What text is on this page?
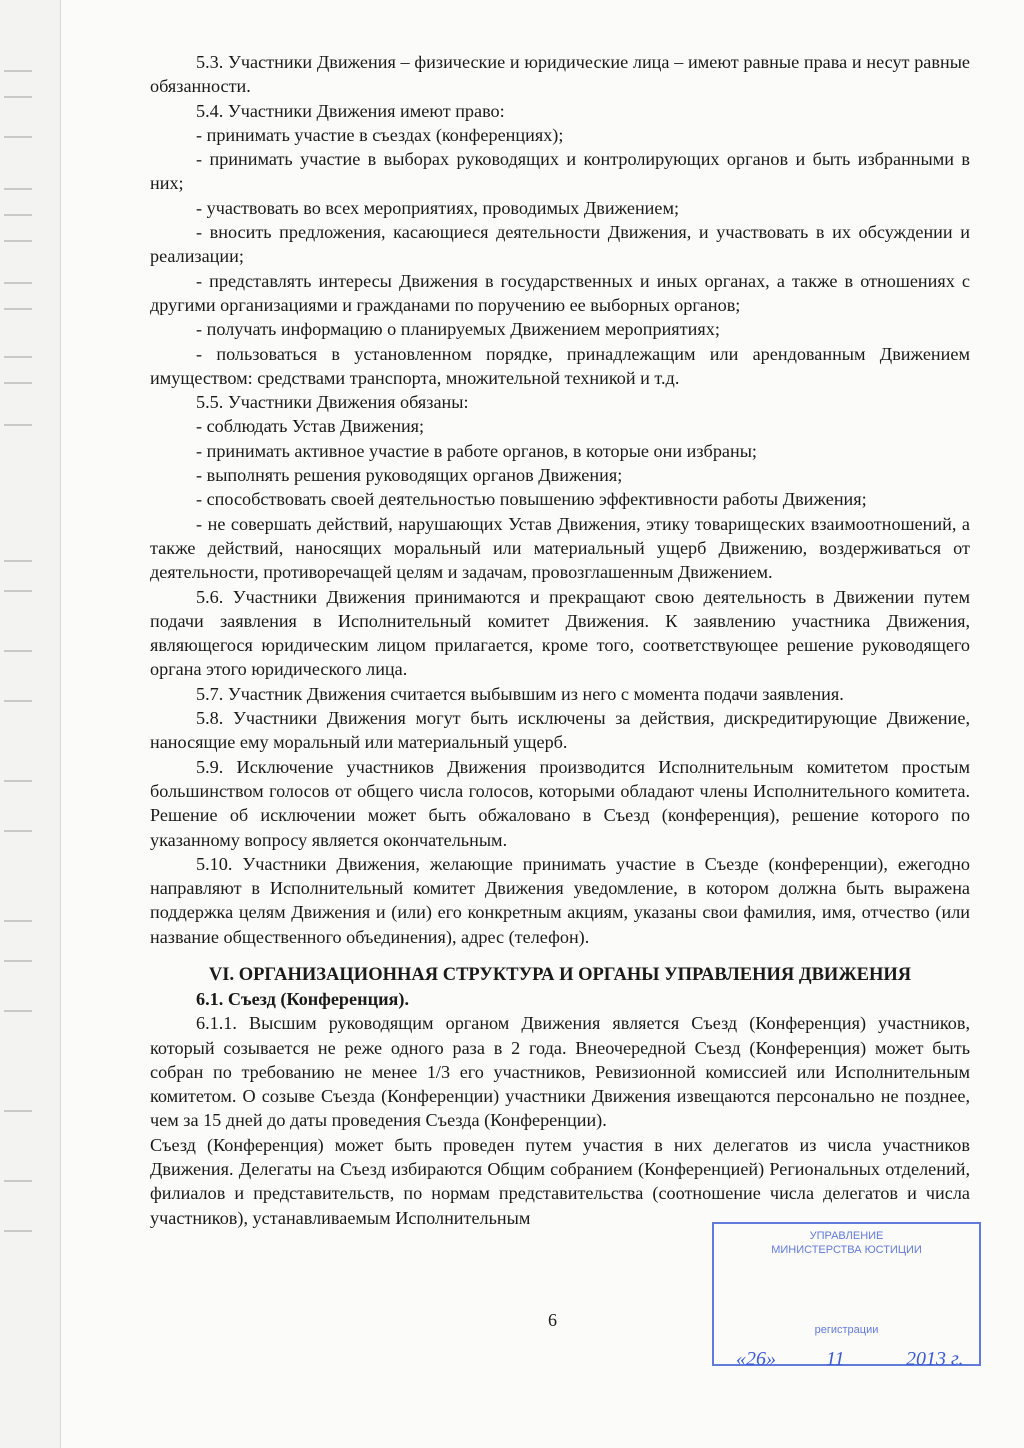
5.3. Участники Движения – физические и юридические лица – имеют равные права и несут равные обязанности.

5.4. Участники Движения имеют право:

- принимать участие в съездах (конференциях);

- принимать участие в выборах руководящих и контролирующих органов и быть избранными в них;

- участвовать во всех мероприятиях, проводимых Движением;

- вносить предложения, касающиеся деятельности Движения, и участвовать в их обсуждении и реализации;

- представлять интересы Движения в государственных и иных органах, а также в отношениях с другими организациями и гражданами по поручению ее выборных органов;

- получать информацию о планируемых Движением мероприятиях;

- пользоваться в установленном порядке, принадлежащим или арендованным Движением имуществом: средствами транспорта, множительной техникой и т.д.

5.5. Участники Движения обязаны:

- соблюдать Устав Движения;

- принимать активное участие в работе органов, в которые они избраны;

- выполнять решения руководящих органов Движения;

- способствовать своей деятельностью повышению эффективности работы Движения;

- не совершать действий, нарушающих Устав Движения, этику товарищеских взаимоотношений, а также действий, наносящих моральный или материальный ущерб Движению, воздерживаться от деятельности, противоречащей целям и задачам, провозглашенным Движением.

5.6. Участники Движения принимаются и прекращают свою деятельность в Движении путем подачи заявления в Исполнительный комитет Движения. К заявлению участника Движения, являющегося юридическим лицом прилагается, кроме того, соответствующее решение руководящего органа этого юридического лица.

5.7. Участник Движения считается выбывшим из него с момента подачи заявления.

5.8. Участники Движения могут быть исключены за действия, дискредитирующие Движение, наносящие ему моральный или материальный ущерб.

5.9. Исключение участников Движения производится Исполнительным комитетом простым большинством голосов от общего числа голосов, которыми обладают члены Исполнительного комитета. Решение об исключении может быть обжаловано в Съезд (конференция), решение которого по указанному вопросу является окончательным.

5.10. Участники Движения, желающие принимать участие в Съезде (конференции), ежегодно направляют в Исполнительный комитет Движения уведомление, в котором должна быть выражена поддержка целям Движения и (или) его конкретным акциям, указаны свои фамилия, имя, отчество (или название общественного объединения), адрес (телефон).

VI. ОРГАНИЗАЦИОННАЯ СТРУКТУРА И ОРГАНЫ УПРАВЛЕНИЯ ДВИЖЕНИЯ

6.1. Съезд (Конференция).

6.1.1. Высшим руководящим органом Движения является Съезд (Конференция) участников, который созывается не реже одного раза в 2 года. Внеочередной Съезд (Конференция) может быть собран по требованию не менее 1/3 его участников, Ревизионной комиссией или Исполнительным комитетом. О созыве Съезда (Конференции) участники Движения извещаются персонально не позднее, чем за 15 дней до даты проведения Съезда (Конференции).

Съезд (Конференция) может быть проведен путем участия в них делегатов из числа участников Движения. Делегаты на Съезд избираются Общим собранием (Конференцией) Региональных отделений, филиалов и представительств, по нормам представительства (соотношение числа делегатов и числа участников), устанавливаемым Исполнительным

6
УПРАВЛЕНИЕ
МИНИСТЕРСТВА ЮСТИЦИИ
регистрации
«26»	11	2013 г.
